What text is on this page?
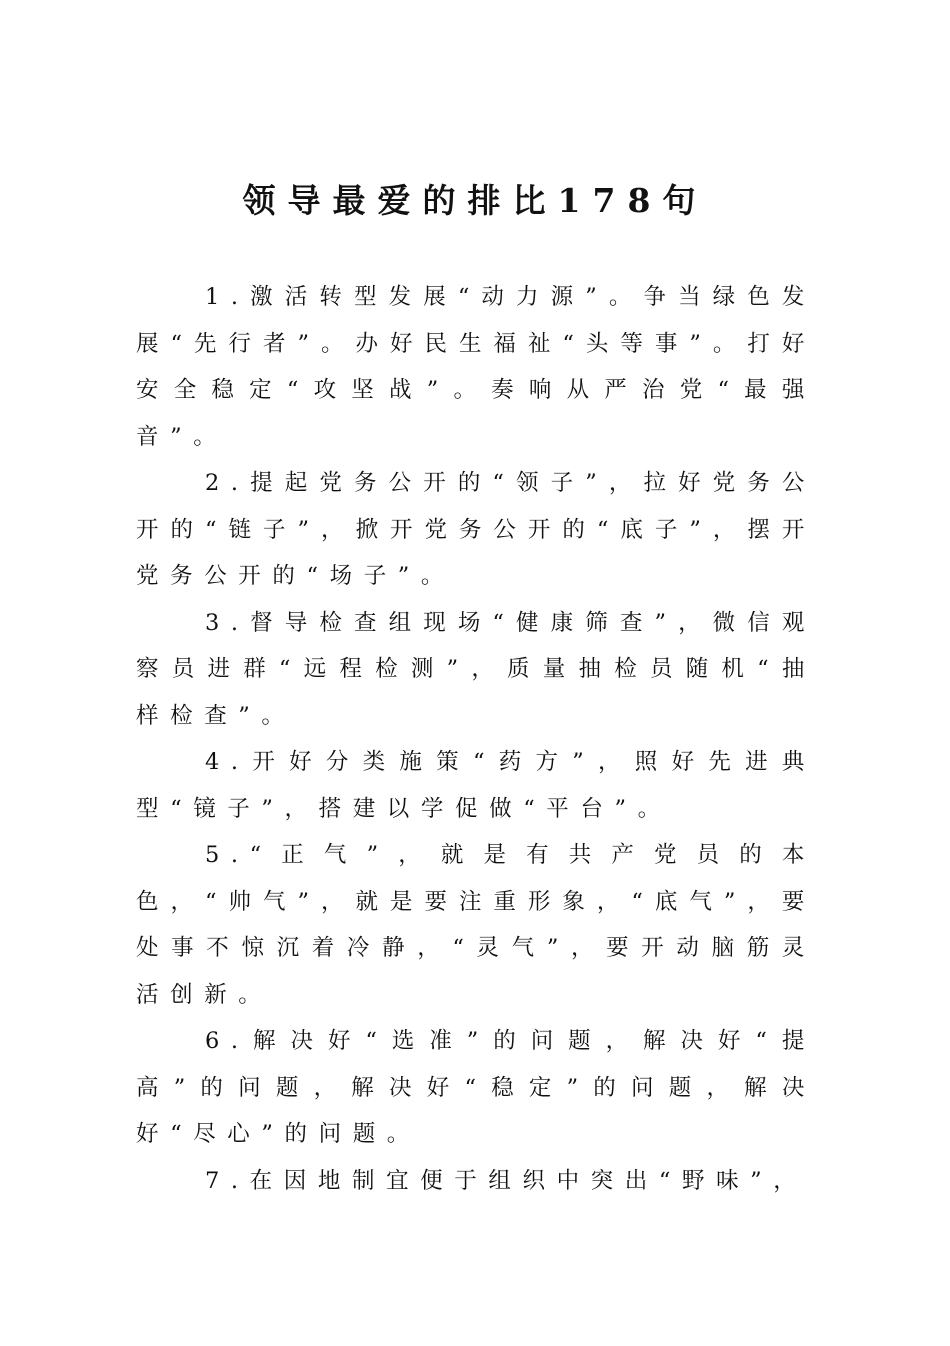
领导最爱的排比178句

1.激活转型发展“动力源”。争当绿色发展“先行者”。办好民生福祉“头等事”。打好安全稳定“攻坚战”。奏响从严治党“最强音”。

2.提起党务公开的“领子”，拉好党务公开的“链子”，掀开党务公开的“底子”，摆开党务公开的“场子”。

3.督导检查组现场“健康筛查”，微信观察员进群“远程检测”，质量抽检员随机“抽样检查”。

4.开好分类施策“药方”，照好先进典型“镜子”，搭建以学促做“平台”。

5.“正气”，就是有共产党员的本色，“帅气”，就是要注重形象，“底气”，要处事不惊沉着冷静，“灵气”，要开动脑筋灵活创新。

6.解决好“选准”的问题，解决好“提高”的问题，解决好“稳定”的问题，解决好“尽心”的问题。

7.在因地制宜便于组织中突出“野味”，
